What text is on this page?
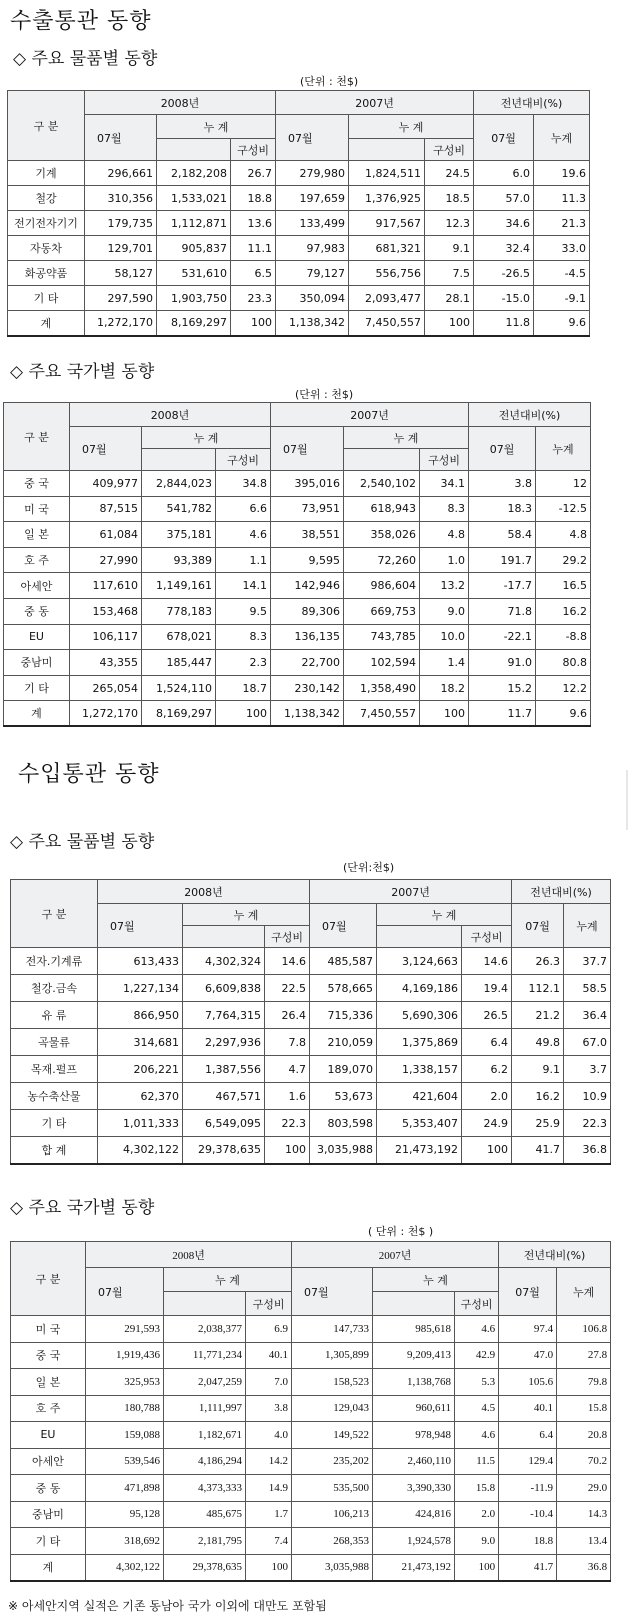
수출통관 동향
◇ 주요 물품별 동향
(단위 : 천$)
구 분	2008년			2007년			전년대비(%)	
	07월	누 계		07월	누 계		07월	누계
			구성비			구성비		
기계	296,661	2,182,208	26.7	279,980	1,824,511	24.5	6.0	19.6
철강	310,356	1,533,021	18.8	197,659	1,376,925	18.5	57.0	11.3
전기전자기기	179,735	1,112,871	13.6	133,499	917,567	12.3	34.6	21.3
자동차	129,701	905,837	11.1	97,983	681,321	9.1	32.4	33.0
화공약품	58,127	531,610	6.5	79,127	556,756	7.5	-26.5	-4.5
기 타	297,590	1,903,750	23.3	350,094	2,093,477	28.1	-15.0	-9.1
계	1,272,170	8,169,297	100	1,138,342	7,450,557	100	11.8	9.6
◇ 주요 국가별 동향
(단위 : 천$)
구 분	2008년			2007년			전년대비(%)	
	07월	누 계		07월	누 계		07월	누계
			구성비			구성비		
중 국	409,977	2,844,023	34.8	395,016	2,540,102	34.1	3.8	12
미 국	87,515	541,782	6.6	73,951	618,943	8.3	18.3	-12.5
일 본	61,084	375,181	4.6	38,551	358,026	4.8	58.4	4.8
호 주	27,990	93,389	1.1	9,595	72,260	1.0	191.7	29.2
아세안	117,610	1,149,161	14.1	142,946	986,604	13.2	-17.7	16.5
중 동	153,468	778,183	9.5	89,306	669,753	9.0	71.8	16.2
EU	106,117	678,021	8.3	136,135	743,785	10.0	-22.1	-8.8
중남미	43,355	185,447	2.3	22,700	102,594	1.4	91.0	80.8
기 타	265,054	1,524,110	18.7	230,142	1,358,490	18.2	15.2	12.2
계	1,272,170	8,169,297	100	1,138,342	7,450,557	100	11.7	9.6
수입통관 동향
◇ 주요 물품별 동향
(단위:천$)
구 분	2008년			2007년			전년대비(%)	
	07월	누 계		07월	누 계		07월	누계
			구성비			구성비		
전자.기계류	613,433	4,302,324	14.6	485,587	3,124,663	14.6	26.3	37.7
철강.금속	1,227,134	6,609,838	22.5	578,665	4,169,186	19.4	112.1	58.5
유 류	866,950	7,764,315	26.4	715,336	5,690,306	26.5	21.2	36.4
곡물류	314,681	2,297,936	7.8	210,059	1,375,869	6.4	49.8	67.0
목재.펄프	206,221	1,387,556	4.7	189,070	1,338,157	6.2	9.1	3.7
농수축산물	62,370	467,571	1.6	53,673	421,604	2.0	16.2	10.9
기 타	1,011,333	6,549,095	22.3	803,598	5,353,407	24.9	25.9	22.3
합 계	4,302,122	29,378,635	100	3,035,988	21,473,192	100	41.7	36.8
◇ 주요 국가별 동향
( 단위 : 천$ )
구 분	2008년			2007년			전년대비(%)	
	07월	누 계		07월	누 계		07월	누계
			구성비			구성비		
미 국	291,593	2,038,377	6.9	147,733	985,618	4.6	97.4	106.8
중 국	1,919,436	11,771,234	40.1	1,305,899	9,209,413	42.9	47.0	27.8
일 본	325,953	2,047,259	7.0	158,523	1,138,768	5.3	105.6	79.8
호 주	180,788	1,111,997	3.8	129,043	960,611	4.5	40.1	15.8
EU	159,088	1,182,671	4.0	149,522	978,948	4.6	6.4	20.8
아세안	539,546	4,186,294	14.2	235,202	2,460,110	11.5	129.4	70.2
중 동	471,898	4,373,333	14.9	535,500	3,390,330	15.8	-11.9	29.0
중남미	95,128	485,675	1.7	106,213	424,816	2.0	-10.4	14.3
기 타	318,692	2,181,795	7.4	268,353	1,924,578	9.0	18.8	13.4
계	4,302,122	29,378,635	100	3,035,988	21,473,192	100	41.7	36.8
※ 아세안지역 실적은 기존 동남아 국가 이외에 대만도 포함됨
